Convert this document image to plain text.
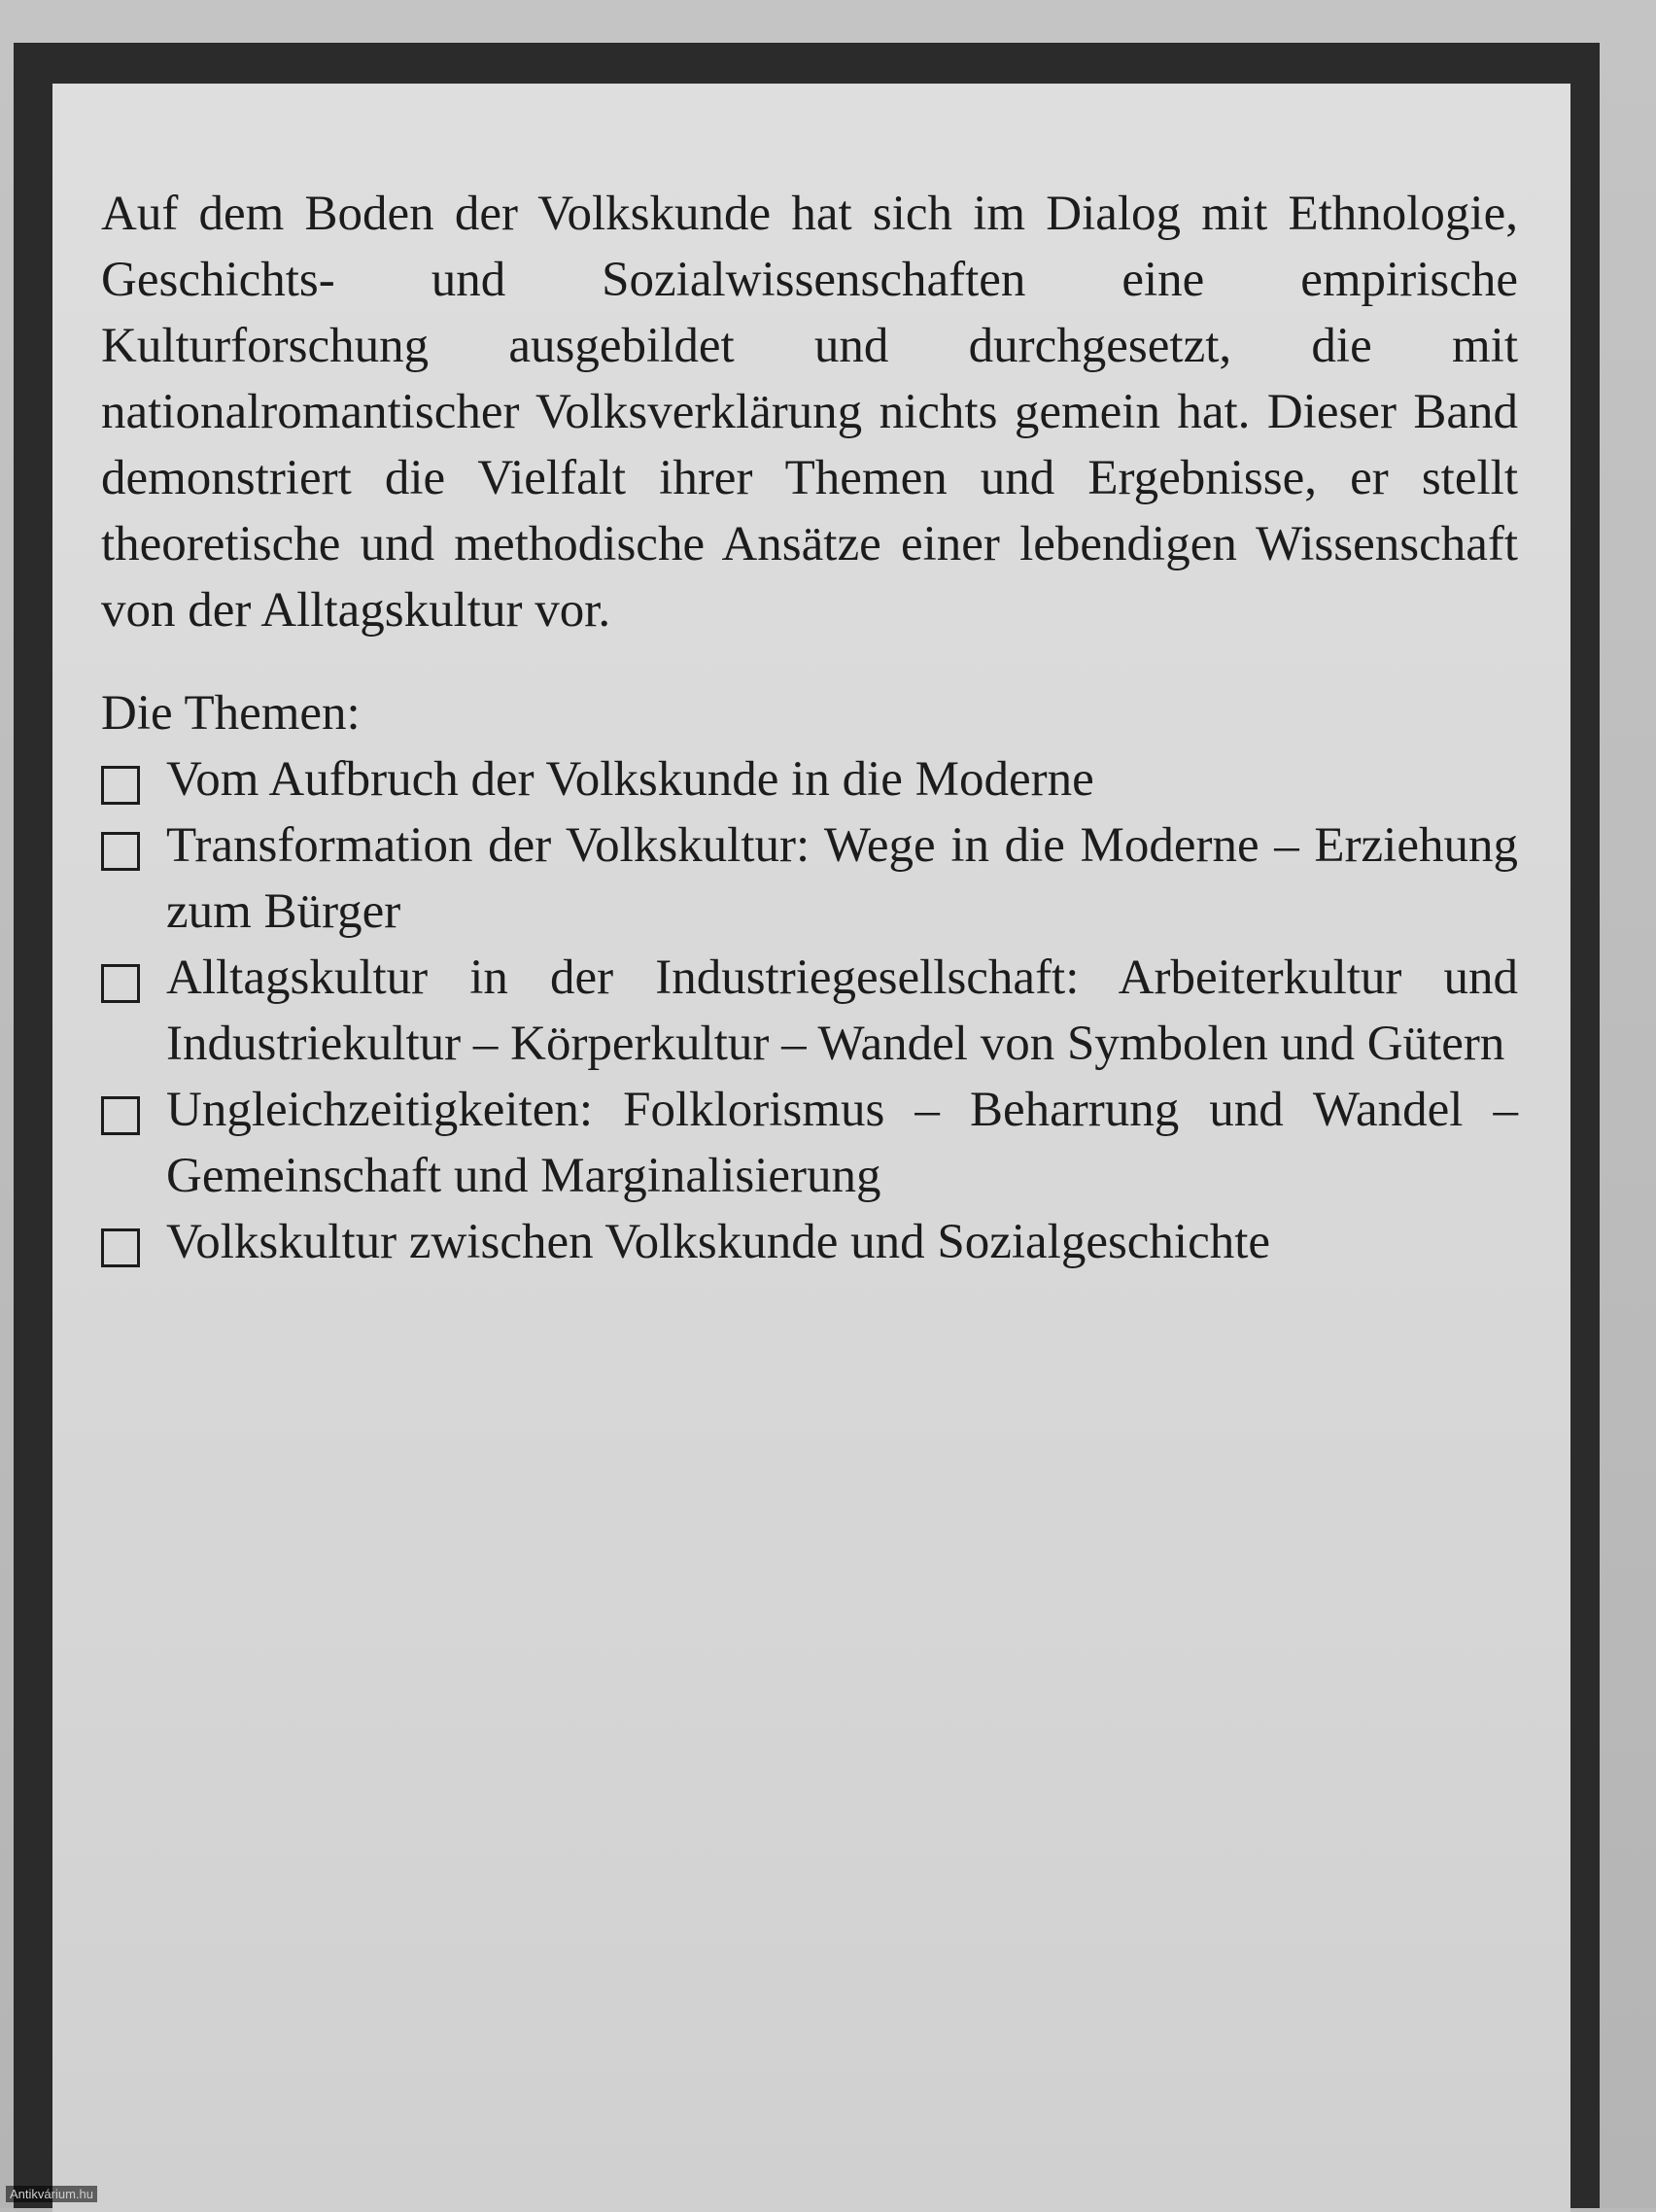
Auf dem Boden der Volkskunde hat sich im Dialog mit Ethnologie, Geschichts- und Sozialwissenschaften eine empirische Kulturforschung ausgebildet und durchgesetzt, die mit nationalromantischer Volksverklärung nichts gemein hat. Dieser Band demonstriert die Vielfalt ihrer Themen und Ergebnisse, er stellt theoretische und methodische Ansätze einer lebendigen Wissenschaft von der Alltagskultur vor.

Die Themen:

Vom Aufbruch der Volkskunde in die Moderne
Transformation der Volkskultur: Wege in die Moderne – Erziehung zum Bürger
Alltagskultur in der Industriegesellschaft: Arbeiterkultur und Industriekultur – Körperkultur – Wandel von Symbolen und Gütern
Ungleichzeitigkeiten: Folklorismus – Beharrung und Wandel – Gemeinschaft und Marginalisierung
Volkskultur zwischen Volkskunde und Sozialgeschichte
Antikvárium.hu
